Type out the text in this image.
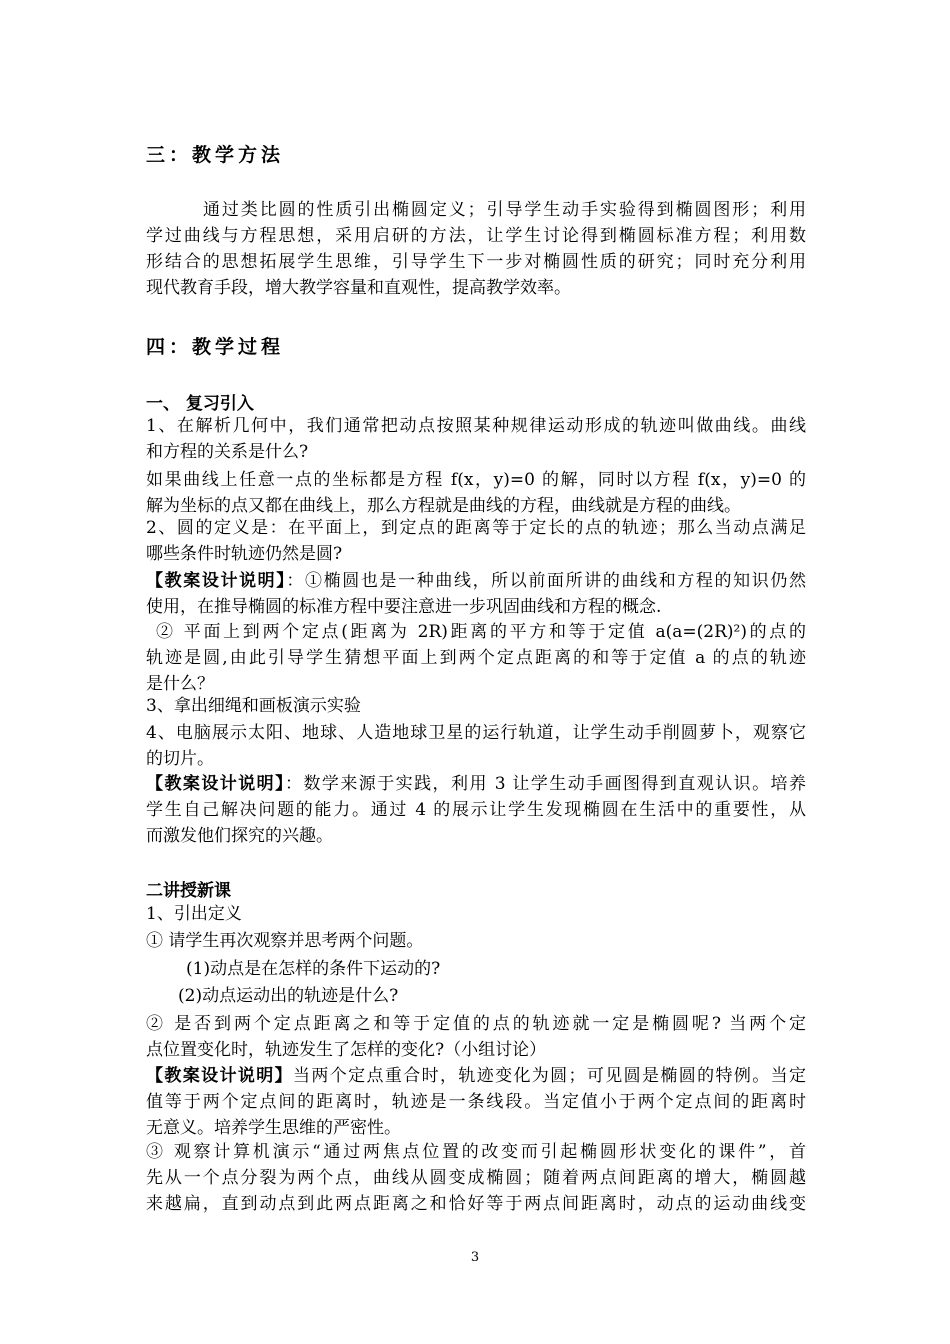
三：教学方法
通过类比圆的性质引出椭圆定义；引导学生动手实验得到椭圆图形；利用
学过曲线与方程思想，采用启研的方法，让学生讨论得到椭圆标准方程；利用数
形结合的思想拓展学生思维，引导学生下一步对椭圆性质的研究；同时充分利用
现代教育手段，增大教学容量和直观性，提高教学效率。
四：教学过程
一、 复习引入
1、在解析几何中，我们通常把动点按照某种规律运动形成的轨迹叫做曲线。曲线
和方程的关系是什么?
如果曲线上任意一点的坐标都是方程 f(x，y)=0 的解，同时以方程 f(x，y)=0 的
解为坐标的点又都在曲线上，那么方程就是曲线的方程，曲线就是方程的曲线。
2、圆的定义是：在平面上，到定点的距离等于定长的点的轨迹；那么当动点满足
哪些条件时轨迹仍然是圆?
【教案设计说明】：①椭圆也是一种曲线，所以前面所讲的曲线和方程的知识仍然
使用，在推导椭圆的标准方程中要注意进一步巩固曲线和方程的概念.
② 平面上到两个定点(距离为 2R)距离的平方和等于定值 a(a=(2R)²)的点的
轨迹是圆,由此引导学生猜想平面上到两个定点距离的和等于定值 a 的点的轨迹
是什么？
3、拿出细绳和画板演示实验
4、电脑展示太阳、地球、人造地球卫星的运行轨道，让学生动手削圆萝卜，观察它
的切片。
【教案设计说明】：数学来源于实践，利用 3 让学生动手画图得到直观认识。培养
学生自己解决问题的能力。通过 4 的展示让学生发现椭圆在生活中的重要性，从
而激发他们探究的兴趣。
二讲授新课
1、引出定义
① 请学生再次观察并思考两个问题。
(1)动点是在怎样的条件下运动的?
(2)动点运动出的轨迹是什么?
② 是否到两个定点距离之和等于定值的点的轨迹就一定是椭圆呢? 当两个定
点位置变化时，轨迹发生了怎样的变化?（小组讨论）
【教案设计说明】当两个定点重合时，轨迹变化为圆；可见圆是椭圆的特例。当定
值等于两个定点间的距离时，轨迹是一条线段。当定值小于两个定点间的距离时
无意义。培养学生思维的严密性。
③ 观察计算机演示“通过两焦点位置的改变而引起椭圆形状变化的课件”，首
先从一个点分裂为两个点，曲线从圆变成椭圆；随着两点间距离的增大，椭圆越
来越扁，直到动点到此两点距离之和恰好等于两点间距离时，动点的运动曲线变
3
